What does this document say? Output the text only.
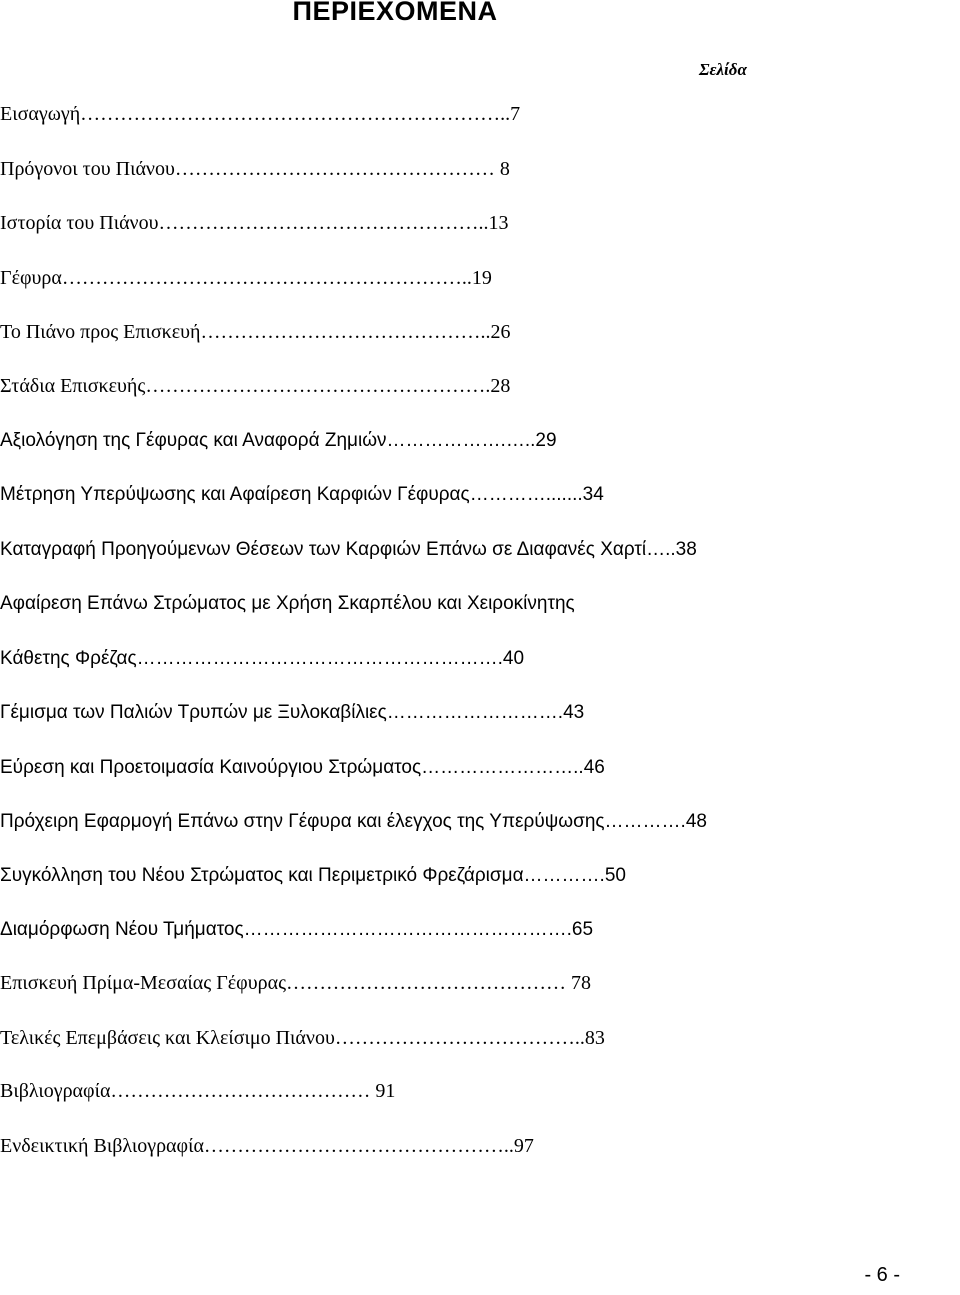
ΠΕΡΙΕΧΟΜΕΝΑ
Σελίδα
Εισαγωγή………………………………………………………..7
Πρόγονοι του Πιάνου………………………………………… 8
Ιστορία του Πιάνου…………………………………………..13
Γέφυρα……………………………………………………..19
Το Πιάνο προς Επισκευή……………………………………..26
Στάδια Επισκευής…………………………………………….28
Αξιολόγηση της Γέφυρας και Αναφορά Ζημιών……………….…..29
Μέτρηση Υπερύψωσης και Αφαίρεση Καρφιών Γέφυρας………….......34
Καταγραφή Προηγούμενων Θέσεων των Καρφιών Επάνω σε Διαφανές Χαρτί…..38
Αφαίρεση Επάνω Στρώματος με Χρήση Σκαρπέλου και Χειροκίνητης
Κάθετης Φρέζας………………………………………………….40
Γέμισμα των Παλιών Τρυπών με Ξυλοκαβίλιες……………………….43
Εύρεση και Προετοιμασία Καινούργιου Στρώματος……………………..46
Πρόχειρη Εφαρμογή Επάνω στην Γέφυρα και έλεγχος της Υπερύψωσης………….48
Συγκόλληση του Νέου Στρώματος και Περιμετρικό Φρεζάρισμα………….50
Διαμόρφωση Νέου Τμήματος…………………………………………….65
Επισκευή Πρίμα-Μεσαίας Γέφυρας…………………………………… 78
Τελικές Επεμβάσεις και Κλείσιμο Πιάνου………………………………..83
Βιβλιογραφία………………………………… 91
Ενδεικτική Βιβλιογραφία………………………………………..97
- 6 -
